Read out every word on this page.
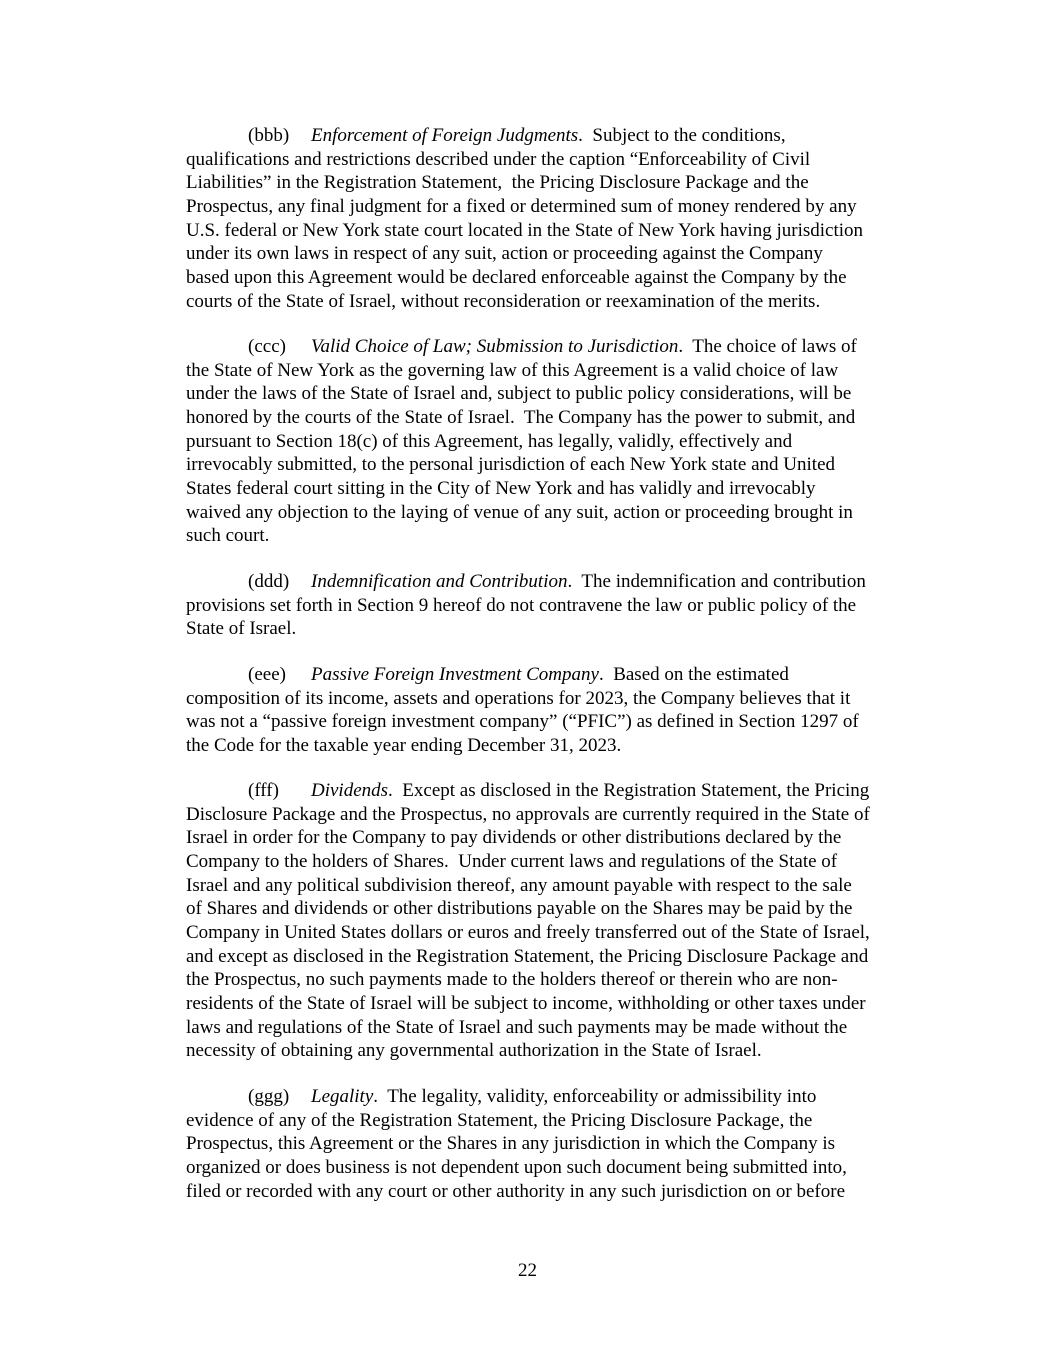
(bbb) Enforcement of Foreign Judgments.  Subject to the conditions,
qualifications and restrictions described under the caption “Enforceability of Civil
Liabilities” in the Registration Statement,  the Pricing Disclosure Package and the
Prospectus, any final judgment for a fixed or determined sum of money rendered by any
U.S. federal or New York state court located in the State of New York having jurisdiction
under its own laws in respect of any suit, action or proceeding against the Company
based upon this Agreement would be declared enforceable against the Company by the
courts of the State of Israel, without reconsideration or reexamination of the merits.
(ccc) Valid Choice of Law; Submission to Jurisdiction.  The choice of laws of
the State of New York as the governing law of this Agreement is a valid choice of law
under the laws of the State of Israel and, subject to public policy considerations, will be
honored by the courts of the State of Israel.  The Company has the power to submit, and
pursuant to Section 18(c) of this Agreement, has legally, validly, effectively and
irrevocably submitted, to the personal jurisdiction of each New York state and United
States federal court sitting in the City of New York and has validly and irrevocably
waived any objection to the laying of venue of any suit, action or proceeding brought in
such court.
(ddd) Indemnification and Contribution.  The indemnification and contribution
provisions set forth in Section 9 hereof do not contravene the law or public policy of the
State of Israel.
(eee) Passive Foreign Investment Company.  Based on the estimated
composition of its income, assets and operations for 2023, the Company believes that it
was not a “passive foreign investment company” (“PFIC”) as defined in Section 1297 of
the Code for the taxable year ending December 31, 2023.
(fff) Dividends.  Except as disclosed in the Registration Statement, the Pricing
Disclosure Package and the Prospectus, no approvals are currently required in the State of
Israel in order for the Company to pay dividends or other distributions declared by the
Company to the holders of Shares.  Under current laws and regulations of the State of
Israel and any political subdivision thereof, any amount payable with respect to the sale
of Shares and dividends or other distributions payable on the Shares may be paid by the
Company in United States dollars or euros and freely transferred out of the State of Israel,
and except as disclosed in the Registration Statement, the Pricing Disclosure Package and
the Prospectus, no such payments made to the holders thereof or therein who are non-
residents of the State of Israel will be subject to income, withholding or other taxes under
laws and regulations of the State of Israel and such payments may be made without the
necessity of obtaining any governmental authorization in the State of Israel.
(ggg) Legality.  The legality, validity, enforceability or admissibility into
evidence of any of the Registration Statement, the Pricing Disclosure Package, the
Prospectus, this Agreement or the Shares in any jurisdiction in which the Company is
organized or does business is not dependent upon such document being submitted into,
filed or recorded with any court or other authority in any such jurisdiction on or before
22
